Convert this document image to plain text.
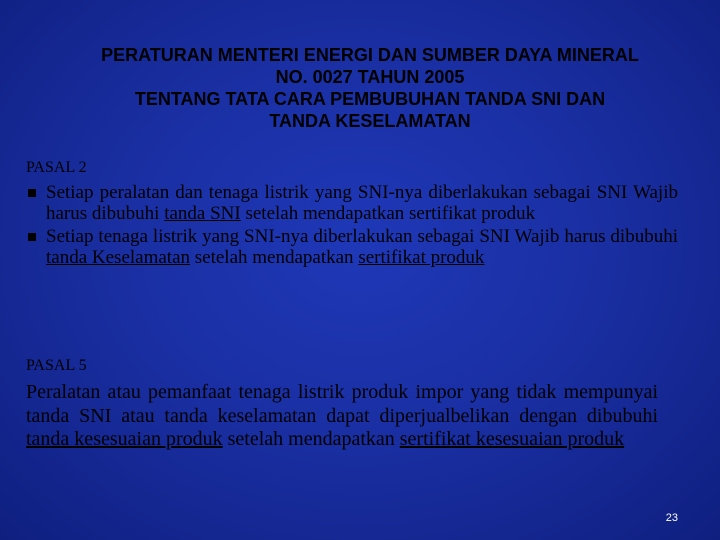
PERATURAN MENTERI ENERGI DAN SUMBER DAYA MINERAL
NO. 0027 TAHUN 2005
TENTANG TATA CARA PEMBUBUHAN TANDA SNI DAN
TANDA KESELAMATAN
PASAL 2
Setiap peralatan dan tenaga listrik yang SNI-nya diberlakukan sebagai SNI Wajib harus dibubuhi tanda SNI setelah mendapatkan sertifikat produk
Setiap tenaga listrik yang SNI-nya diberlakukan sebagai SNI Wajib harus dibubuhi tanda Keselamatan setelah mendapatkan sertifikat produk
PASAL 5
Peralatan atau pemanfaat tenaga listrik produk impor yang tidak mempunyai tanda SNI atau tanda keselamatan dapat diperjualbelikan dengan dibubuhi tanda kesesuaian produk setelah mendapatkan sertifikat kesesuaian produk
23
